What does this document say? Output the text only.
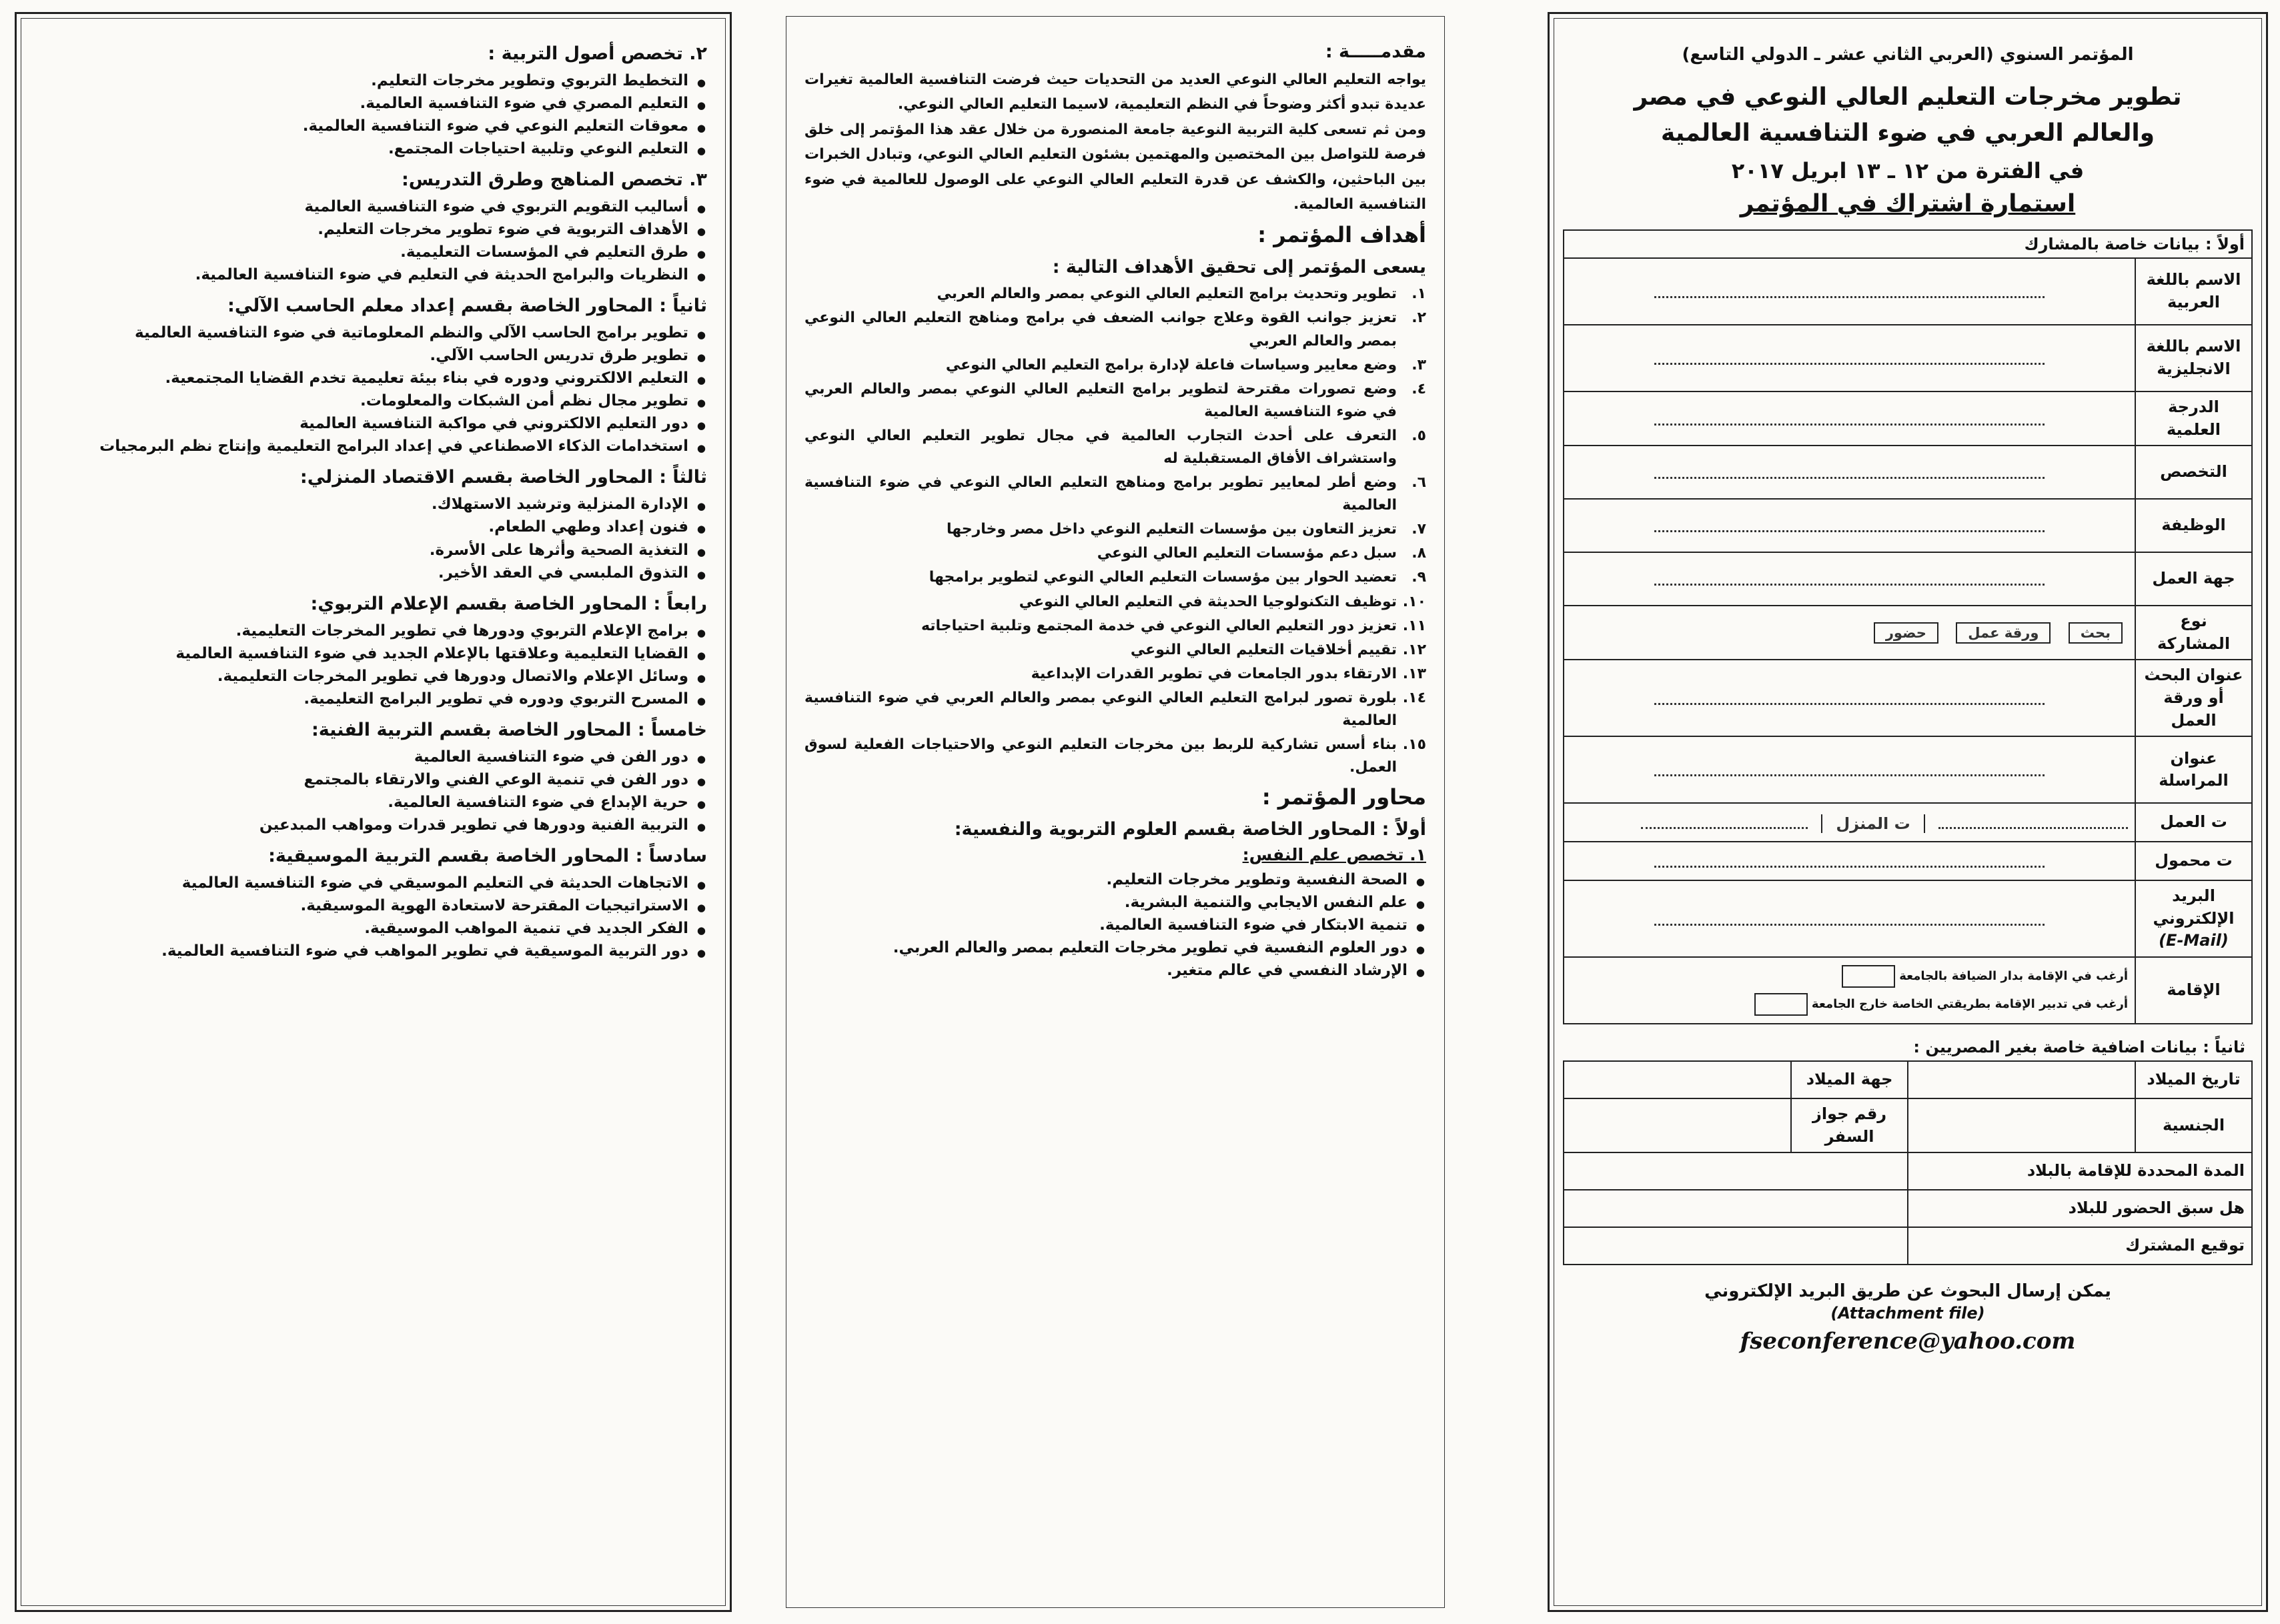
٢. تخصص أصول التربية :
● التخطيط التربوي وتطوير مخرجات التعليم.
● التعليم المصري في ضوء التنافسية العالمية.
● معوقات التعليم النوعي في ضوء التنافسية العالمية.
● التعليم النوعي وتلبية احتياجات المجتمع.
٣. تخصص المناهج وطرق التدريس:
● أساليب التقويم التربوي في ضوء التنافسية العالمية
● الأهداف التربوية في ضوء تطوير مخرجات التعليم.
● طرق التعليم في المؤسسات التعليمية.
● النظريات والبرامج الحديثة في التعليم في ضوء التنافسية العالمية.
ثانياً : المحاور الخاصة بقسم إعداد معلم الحاسب الآلي:
● تطوير برامج الحاسب الآلي والنظم المعلوماتية في ضوء التنافسية العالمية
● تطوير طرق تدريس الحاسب الآلي.
● التعليم الالكتروني ودوره في بناء بيئة تعليمية تخدم القضايا المجتمعية.
● تطوير مجال نظم أمن الشبكات والمعلومات.
● دور التعليم الالكتروني في مواكبة التنافسية العالمية
● استخدامات الذكاء الاصطناعي في إعداد البرامج التعليمية وإنتاج نظم البرمجيات
ثالثاً : المحاور الخاصة بقسم الاقتصاد المنزلي:
● الإدارة المنزلية وترشيد الاستهلاك.
● فنون إعداد وطهي الطعام.
● التغذية الصحية وأثرها على الأسرة.
● التذوق الملبسي في العقد الأخير.
رابعاً : المحاور الخاصة بقسم الإعلام التربوي:
● برامج الإعلام التربوي ودورها في تطوير المخرجات التعليمية.
● القضايا التعليمية وعلاقتها بالإعلام الجديد في ضوء التنافسية العالمية
● وسائل الإعلام والاتصال ودورها في تطوير المخرجات التعليمية.
● المسرح التربوي ودوره في تطوير البرامج التعليمية.
خامساً : المحاور الخاصة بقسم التربية الفنية:
● دور الفن في ضوء التنافسية العالمية
● دور الفن في تنمية الوعي الفني والارتقاء بالمجتمع
● حرية الإبداع في ضوء التنافسية العالمية.
● التربية الفنية ودورها في تطوير قدرات ومواهب المبدعين
سادساً : المحاور الخاصة بقسم التربية الموسيقية:
● الاتجاهات الحديثة في التعليم الموسيقي في ضوء التنافسية العالمية
● الاستراتيجيات المقترحة لاستعادة الهوية الموسيقية.
● الفكر الجديد في تنمية المواهب الموسيقية.
● دور التربية الموسيقية في تطوير المواهب في ضوء التنافسية العالمية.
مقدمـــــة :

يواجه التعليم العالي النوعي العديد من التحديات حيث فرضت التنافسية العالمية تغيرات عديدة تبدو أكثر وضوحاً في النظم التعليمية، لاسيما التعليم العالي النوعي.

ومن ثم تسعى كلية التربية النوعية جامعة المنصورة من خلال عقد هذا المؤتمر إلى خلق فرصة للتواصل بين المختصين والمهتمين بشئون التعليم العالي النوعي، وتبادل الخبرات بين الباحثين، والكشف عن قدرة التعليم العالي النوعي على الوصول للعالمية في ضوء التنافسية العالمية.

أهداف المؤتمر :
يسعى المؤتمر إلى تحقيق الأهداف التالية :
١.
تطوير وتحديث برامج التعليم العالي النوعي بمصر والعالم العربي
٢.
تعزيز جوانب القوة وعلاج جوانب الضعف في برامج ومناهج التعليم العالي النوعي بمصر والعالم العربي
٣.
وضع معايير وسياسات فاعلة لإدارة برامج التعليم العالي النوعي
٤.
وضع تصورات مقترحة لتطوير برامج التعليم العالي النوعي بمصر والعالم العربي في ضوء التنافسية العالمية
٥.
التعرف على أحدث التجارب العالمية في مجال تطوير التعليم العالي النوعي واستشراف الأفاق المستقبلية له
٦.
وضع أطر لمعايير تطوير برامج ومناهج التعليم العالي النوعي في ضوء التنافسية العالمية
٧.
تعزيز التعاون بين مؤسسات التعليم النوعي داخل مصر وخارجها
٨.
سبل دعم مؤسسات التعليم العالي النوعي
٩.
تعضيد الحوار بين مؤسسات التعليم العالي النوعي لتطوير برامجها
١٠.
توظيف التكنولوجيا الحديثة في التعليم العالي النوعي
١١.
تعزيز دور التعليم العالي النوعي في خدمة المجتمع وتلبية احتياجاته
١٢.
تقييم أخلاقيات التعليم العالي النوعي
١٣.
الارتقاء بدور الجامعات في تطوير القدرات الإبداعية
١٤.
بلورة تصور لبرامج التعليم العالي النوعي بمصر والعالم العربي في ضوء التنافسية العالمية
١٥.
بناء أسس تشاركية للربط بين مخرجات التعليم النوعي والاحتياجات الفعلية لسوق العمل.
محاور المؤتمر :
أولاً : المحاور الخاصة بقسم العلوم التربوية والنفسية:
١. تخصص علم النفس:
● الصحة النفسية وتطوير مخرجات التعليم.
● علم النفس الايجابي والتنمية البشرية.
● تنمية الابتكار في ضوء التنافسية العالمية.
● دور العلوم النفسية في تطوير مخرجات التعليم بمصر والعالم العربي.
● الإرشاد النفسي في عالم متغير.
المؤتمر السنوي (العربي الثاني عشر ـ الدولي التاسع)
تطوير مخرجات التعليم العالي النوعي في مصر
والعالم العربي في ضوء التنافسية العالمية
في الفترة من ١٢ ـ ١٣ ابريل ٢٠١٧
استمارة اشتراك في المؤتمر
أولاً : بيانات خاصة بالمشارك	
الاسم باللغة العربية	
الاسم باللغة الانجليزية	
الدرجة العلمية	
التخصص	
الوظيفة	
جهة العمل	
نوع المشاركة	بحث ورقة عمل حضور
عنوان البحث أو ورقة العمل	
عنوان المراسلة	
ت العمل	ت المنزل
ت محمول	

البريد الإلكتروني
(E-Mail)	

الإقامة	أرغب في الإقامة بدار الضيافة بالجامعة
أرغب في تدبير الإقامة بطريقتي الخاصة خارج الجامعة
ثانياً : بيانات اضافية خاصة بغير المصريين :			
تاريخ الميلاد		جهة الميلاد	
الجنسية		رقم جواز السفر	
المدة المحددة للإقامة بالبلاد			
هل سبق الحضور للبلاد			
توقيع المشترك			
يمكن إرسال البحوث عن طريق البريد الإلكتروني
(Attachment file)
fseconference@yahoo.com
